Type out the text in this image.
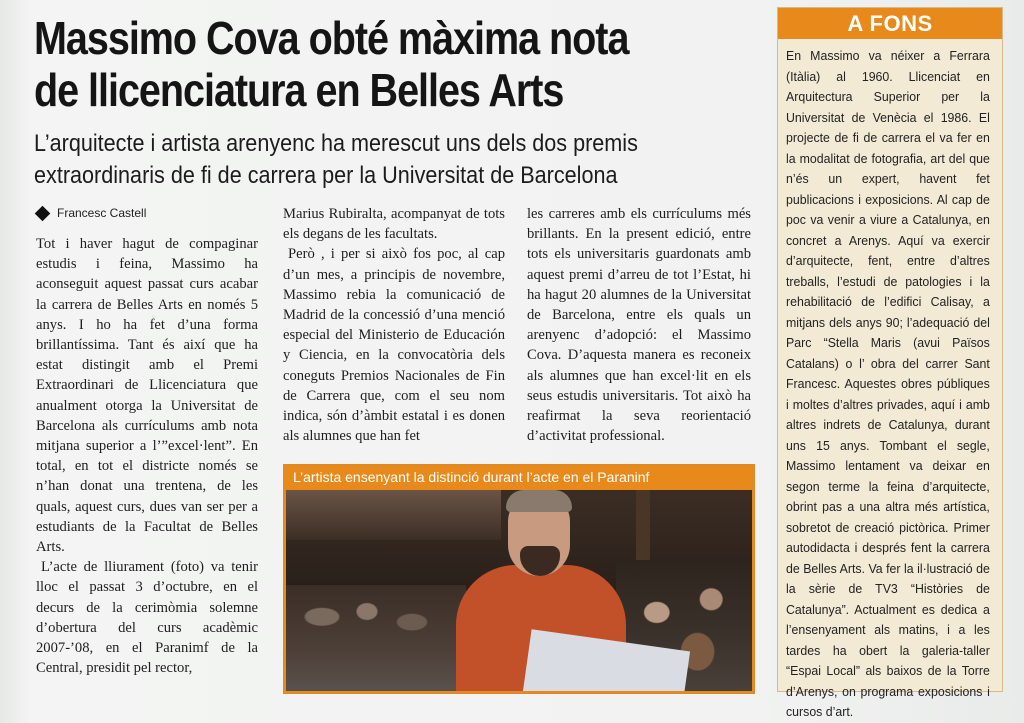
Massimo Cova obté màxima nota
de llicenciatura en Belles Arts
L’arquitecte i artista arenyenc ha merescut uns dels dos premis
extraordinaris de fi de carrera per la Universitat de Barcelona
Francesc Castell

Tot i haver hagut de compaginar estudis i feina, Massimo ha aconseguit aquest passat curs acabar la carrera de Belles Arts en només 5 anys. I ho ha fet d’una forma brillantíssima. Tant és així que ha estat distingit amb el Premi Extraordinari de Llicenciatura que anualment otorga la Universitat de Barcelona als currículums amb nota mitjana superior a l’”excel·lent”. En total, en tot el districte només se n’han donat una trentena, de les quals, aquest curs, dues van ser per a estudiants de la Facultat de Belles Arts.

L’acte de lliurament (foto) va tenir lloc el passat 3 d’octubre, en el decurs de la cerimòmia solemne d’obertura del curs acadèmic 2007-’08, en el Paranimf de la Central, presidit pel rector,

Marius Rubiralta, acompanyat de tots els degans de les facultats.

Però , i per si això fos poc, al cap d’un mes, a principis de novembre, Massimo rebia la comunicació de Madrid de la concessió d’una menció especial del Ministerio de Educación y Ciencia, en la convocatòria dels coneguts Premios Nacionales de Fin de Carrera que, com el seu nom indica, són d’àmbit estatal i es donen als alumnes que han fet

les carreres amb els currículums més brillants. En la present edició, entre tots els universitaris guardonats amb aquest premi d’arreu de tot l’Estat, hi ha hagut 20 alumnes de la Universitat de Barcelona, entre els quals un arenyenc d’adopció: el Massimo Cova. D’aquesta manera es reconeix als alumnes que han excel·lit en els seus estudis universitaris. Tot això ha reafirmat la seva reorientació d’activitat professional.

L’artista ensenyant la distinció durant l’acte en el Paraninf
A FONS
En Massimo va néixer a Ferrara (Itàlia) al 1960. Llicenciat en Arquitectura Superior per la Universitat de Venècia el 1986. El projecte de fi de carrera el va fer en la modalitat de fotografia, art del que n’és un expert, havent fet publicacions i exposicions. Al cap de poc va venir a viure a Catalunya, en concret a Arenys. Aquí va exercir d’arquitecte, fent, entre d’altres treballs, l’estudi de patologies i la rehabilitació de l’edifici Calisay, a mitjans dels anys 90; l’adequació del Parc “Stella Maris (avui Països Catalans) o l’ obra del carrer Sant Francesc. Aquestes obres públiques i moltes d’altres privades, aquí i amb altres indrets de Catalunya, durant uns 15 anys. Tombant el segle, Massimo lentament va deixar en segon terme la feina d’arquitecte, obrint pas a una altra més artística, sobretot de creació pictòrica. Primer autodidacta i després fent la carrera de Belles Arts. Va fer la il·lustració de la sèrie de TV3 “Històries de Catalunya”. Actualment es dedica a l’ensenyament als matins, i a les tardes ha obert la galeria-taller “Espai Local” als baixos de la Torre d’Arenys, on programa exposicions i cursos d’art.
